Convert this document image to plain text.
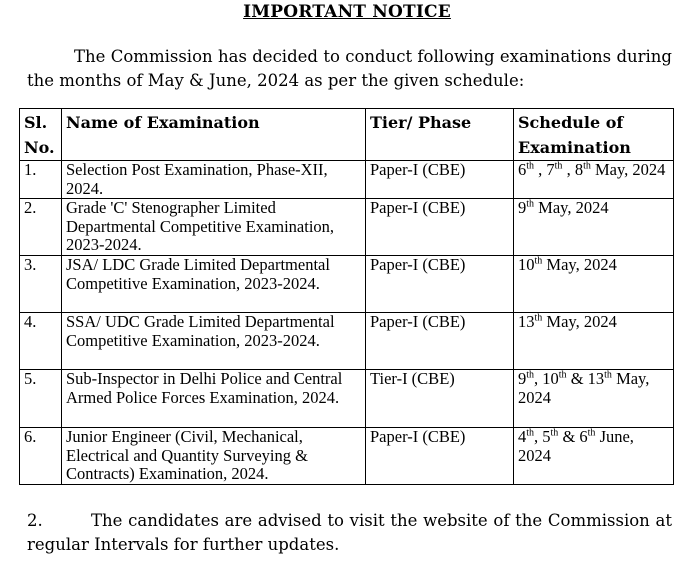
IMPORTANT NOTICE

The Commission has decided to conduct following examinations during the months of May & June, 2024 as per the given schedule:

Sl.
No.	Name of Examination	Tier/ Phase	Schedule of Examination
1.	Selection Post Examination, Phase-XII, 2024.	Paper-I (CBE)	6th , 7th , 8th May, 2024
2.	Grade 'C' Stenographer Limited Departmental Competitive Examination, 2023-2024.	Paper-I (CBE)	9th May, 2024
3.	JSA/ LDC Grade Limited Departmental Competitive Examination, 2023-2024.	Paper-I (CBE)	10th May, 2024
4.	SSA/ UDC Grade Limited Departmental Competitive Examination, 2023-2024.	Paper-I (CBE)	13th May, 2024
5.	Sub-Inspector in Delhi Police and Central Armed Police Forces Examination, 2024.	Tier-I (CBE)	9th, 10th & 13th May, 2024
6.	Junior Engineer (Civil, Mechanical, Electrical and Quantity Surveying & Contracts) Examination, 2024.	Paper-I (CBE)	4th, 5th & 6th June, 2024

2.	The candidates are advised to visit the website of the Commission at regular Intervals for further updates.
